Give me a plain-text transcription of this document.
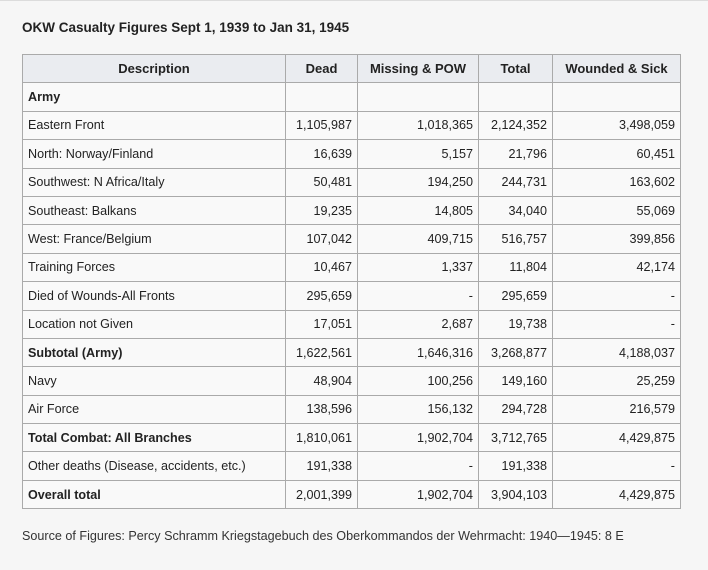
OKW Casualty Figures Sept 1, 1939 to Jan 31, 1945
Description	Dead	Missing & POW	Total	Wounded & Sick
Army				
Eastern Front	1,105,987	1,018,365	2,124,352	3,498,059
North: Norway/Finland	16,639	5,157	21,796	60,451
Southwest: N Africa/Italy	50,481	194,250	244,731	163,602
Southeast: Balkans	19,235	14,805	34,040	55,069
West: France/Belgium	107,042	409,715	516,757	399,856
Training Forces	10,467	1,337	11,804	42,174
Died of Wounds-All Fronts	295,659	-	295,659	-
Location not Given	17,051	2,687	19,738	-
Subtotal (Army)	1,622,561	1,646,316	3,268,877	4,188,037
Navy	48,904	100,256	149,160	25,259
Air Force	138,596	156,132	294,728	216,579
Total Combat: All Branches	1,810,061	1,902,704	3,712,765	4,429,875
Other deaths (Disease, accidents, etc.)	191,338	-	191,338	-
Overall total	2,001,399	1,902,704	3,904,103	4,429,875
Source of Figures: Percy Schramm Kriegstagebuch des Oberkommandos der Wehrmacht: 1940—1945: 8 E
